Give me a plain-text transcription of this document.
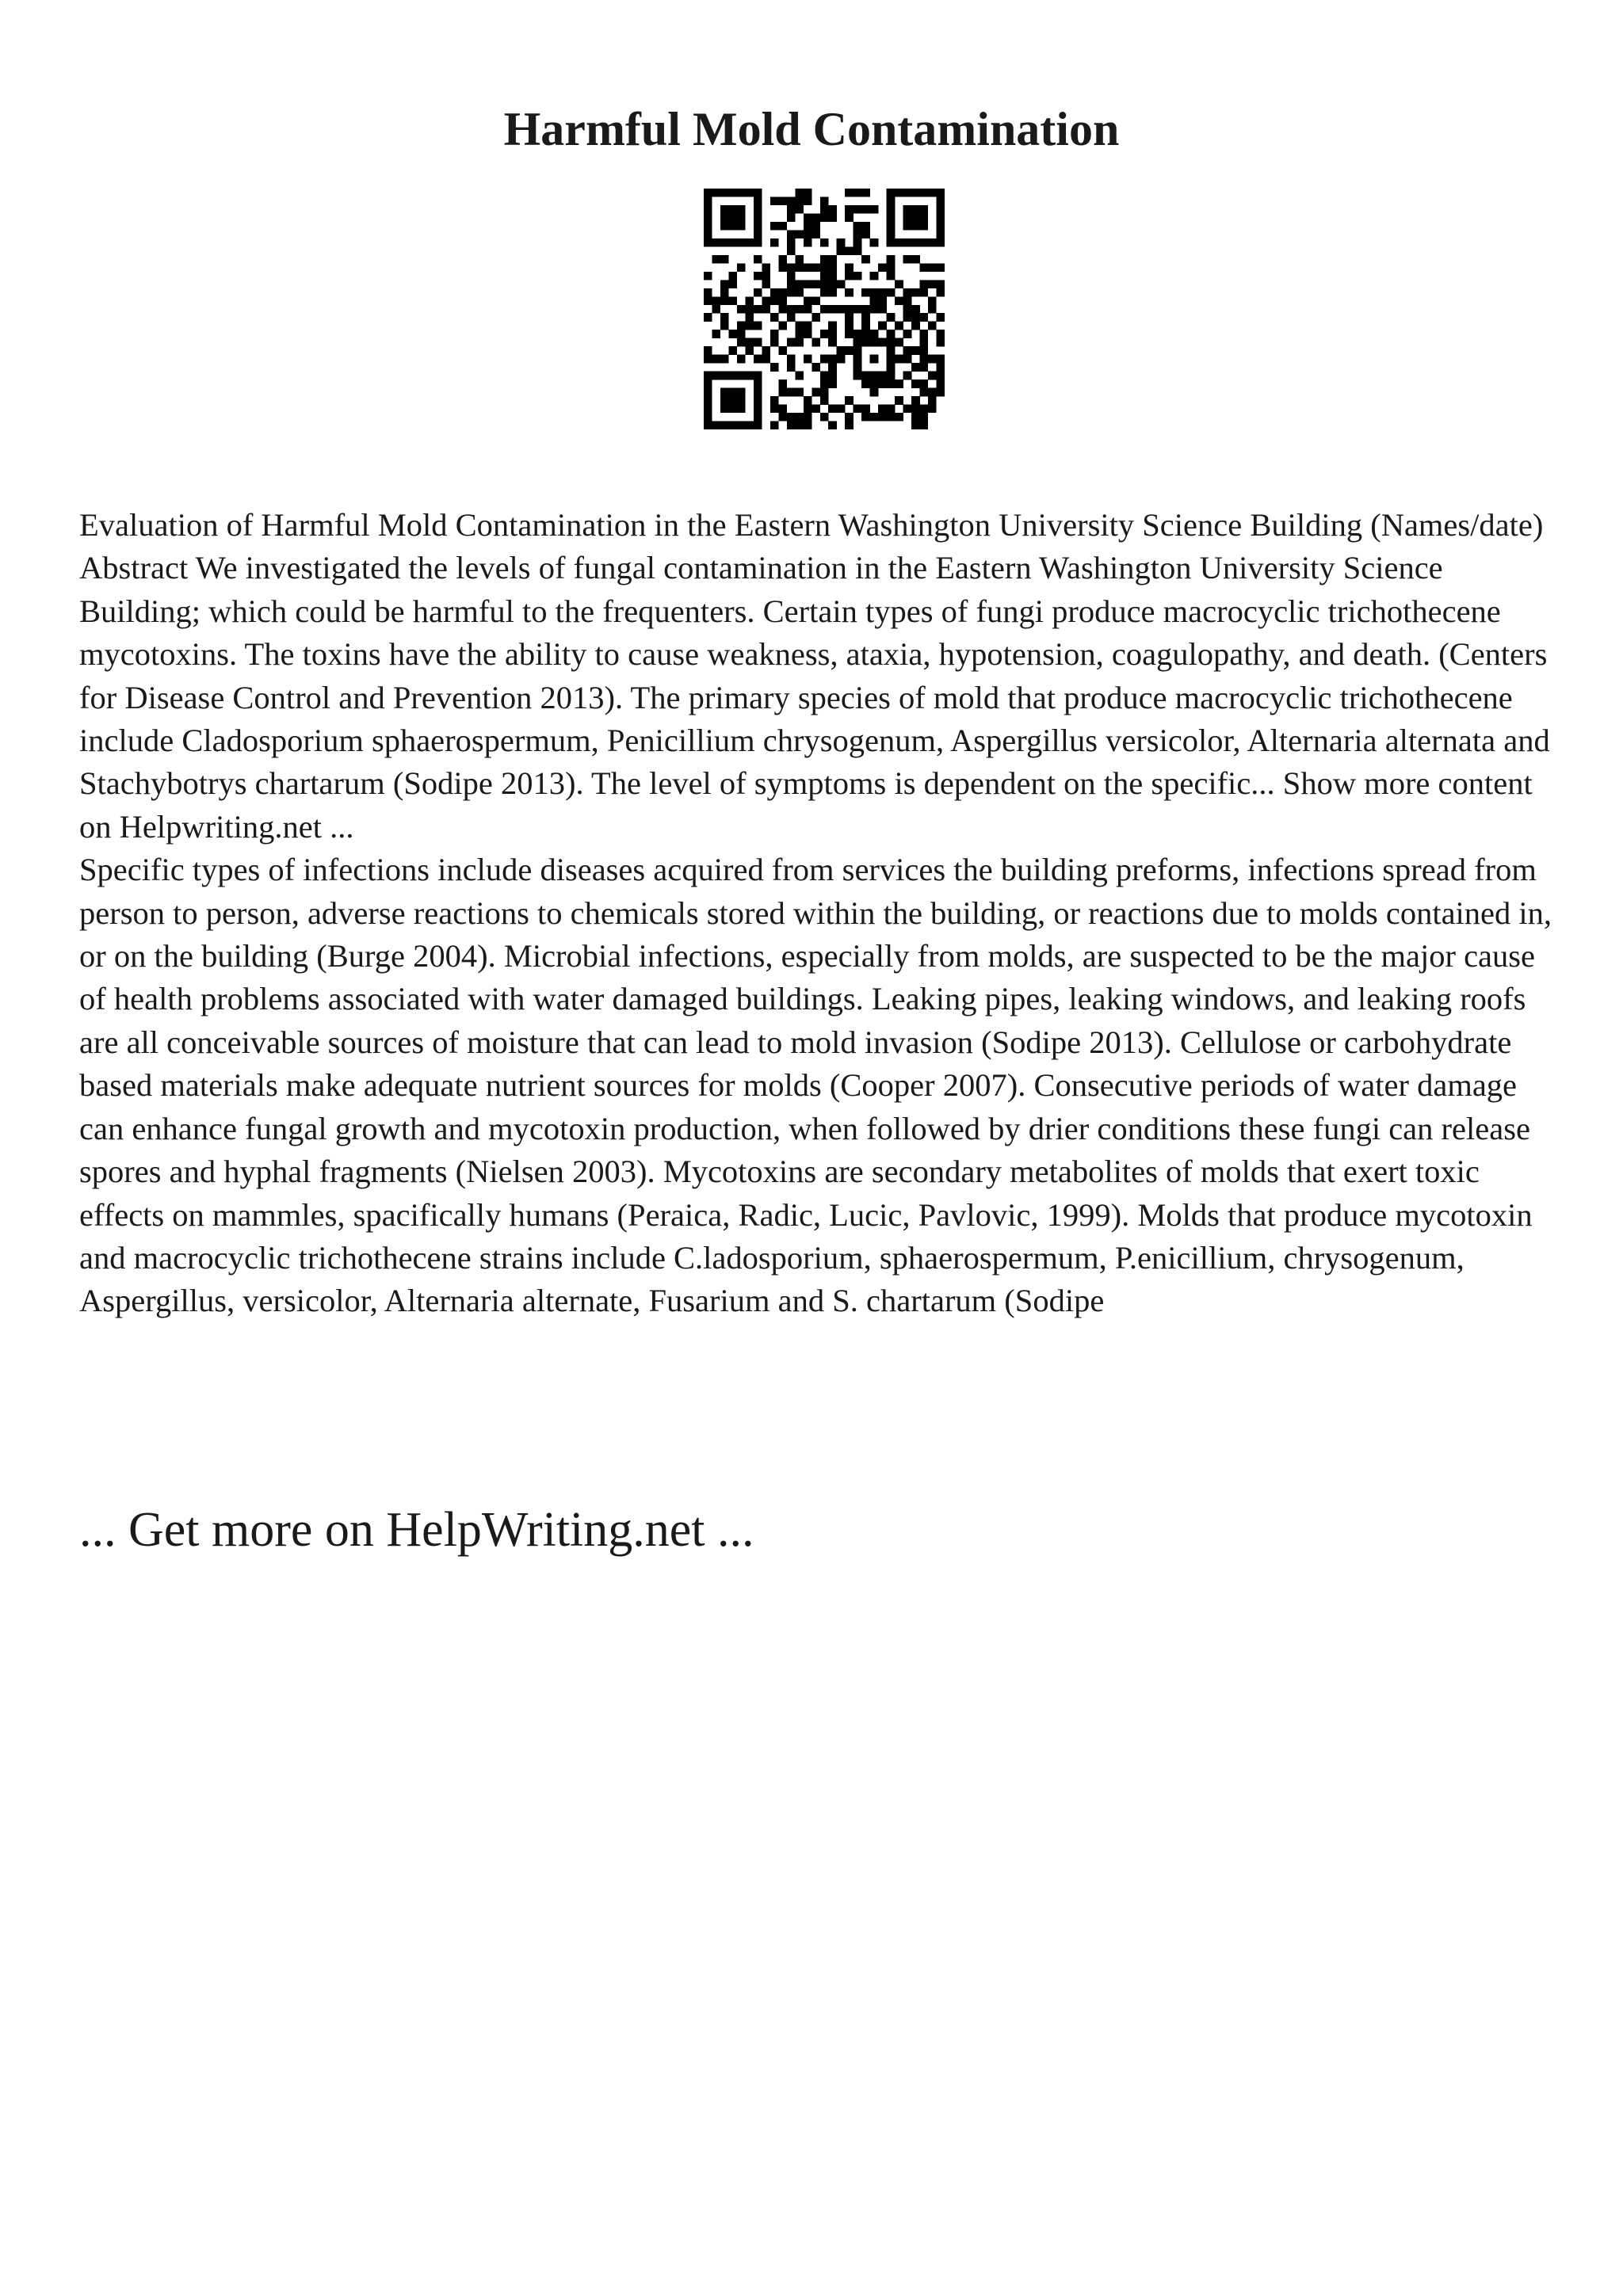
Harmful Mold Contamination

Evaluation of Harmful Mold Contamination in the Eastern Washington University Science Building (Names/date) Abstract We investigated the levels of fungal contamination in the Eastern Washington University Science Building; which could be harmful to the frequenters. Certain types of fungi produce macrocyclic trichothecene mycotoxins. The toxins have the ability to cause weakness, ataxia, hypotension, coagulopathy, and death. (Centers for Disease Control and Prevention 2013). The primary species of mold that produce macrocyclic trichothecene include Cladosporium sphaerospermum, Penicillium chrysogenum, Aspergillus versicolor, Alternaria alternata and Stachybotrys chartarum (Sodipe 2013). The level of symptoms is dependent on the specific... Show more content on Helpwriting.net ...

Specific types of infections include diseases acquired from services the building preforms, infections spread from person to person, adverse reactions to chemicals stored within the building, or reactions due to molds contained in, or on the building (Burge 2004). Microbial infections, especially from molds, are suspected to be the major cause of health problems associated with water damaged buildings. Leaking pipes, leaking windows, and leaking roofs are all conceivable sources of moisture that can lead to mold invasion (Sodipe 2013). Cellulose or carbohydrate based materials make adequate nutrient sources for molds (Cooper 2007). Consecutive periods of water damage can enhance fungal growth and mycotoxin production, when followed by drier conditions these fungi can release spores and hyphal fragments (Nielsen 2003). Mycotoxins are secondary metabolites of molds that exert toxic effects on mammles, spacifically humans (Peraica, Radic, Lucic, Pavlovic, 1999). Molds that produce mycotoxin and macrocyclic trichothecene strains include C.ladosporium, sphaerospermum, P.enicillium, chrysogenum, Aspergillus, versicolor, Alternaria alternate, Fusarium and S. chartarum (Sodipe

... Get more on HelpWriting.net ...
